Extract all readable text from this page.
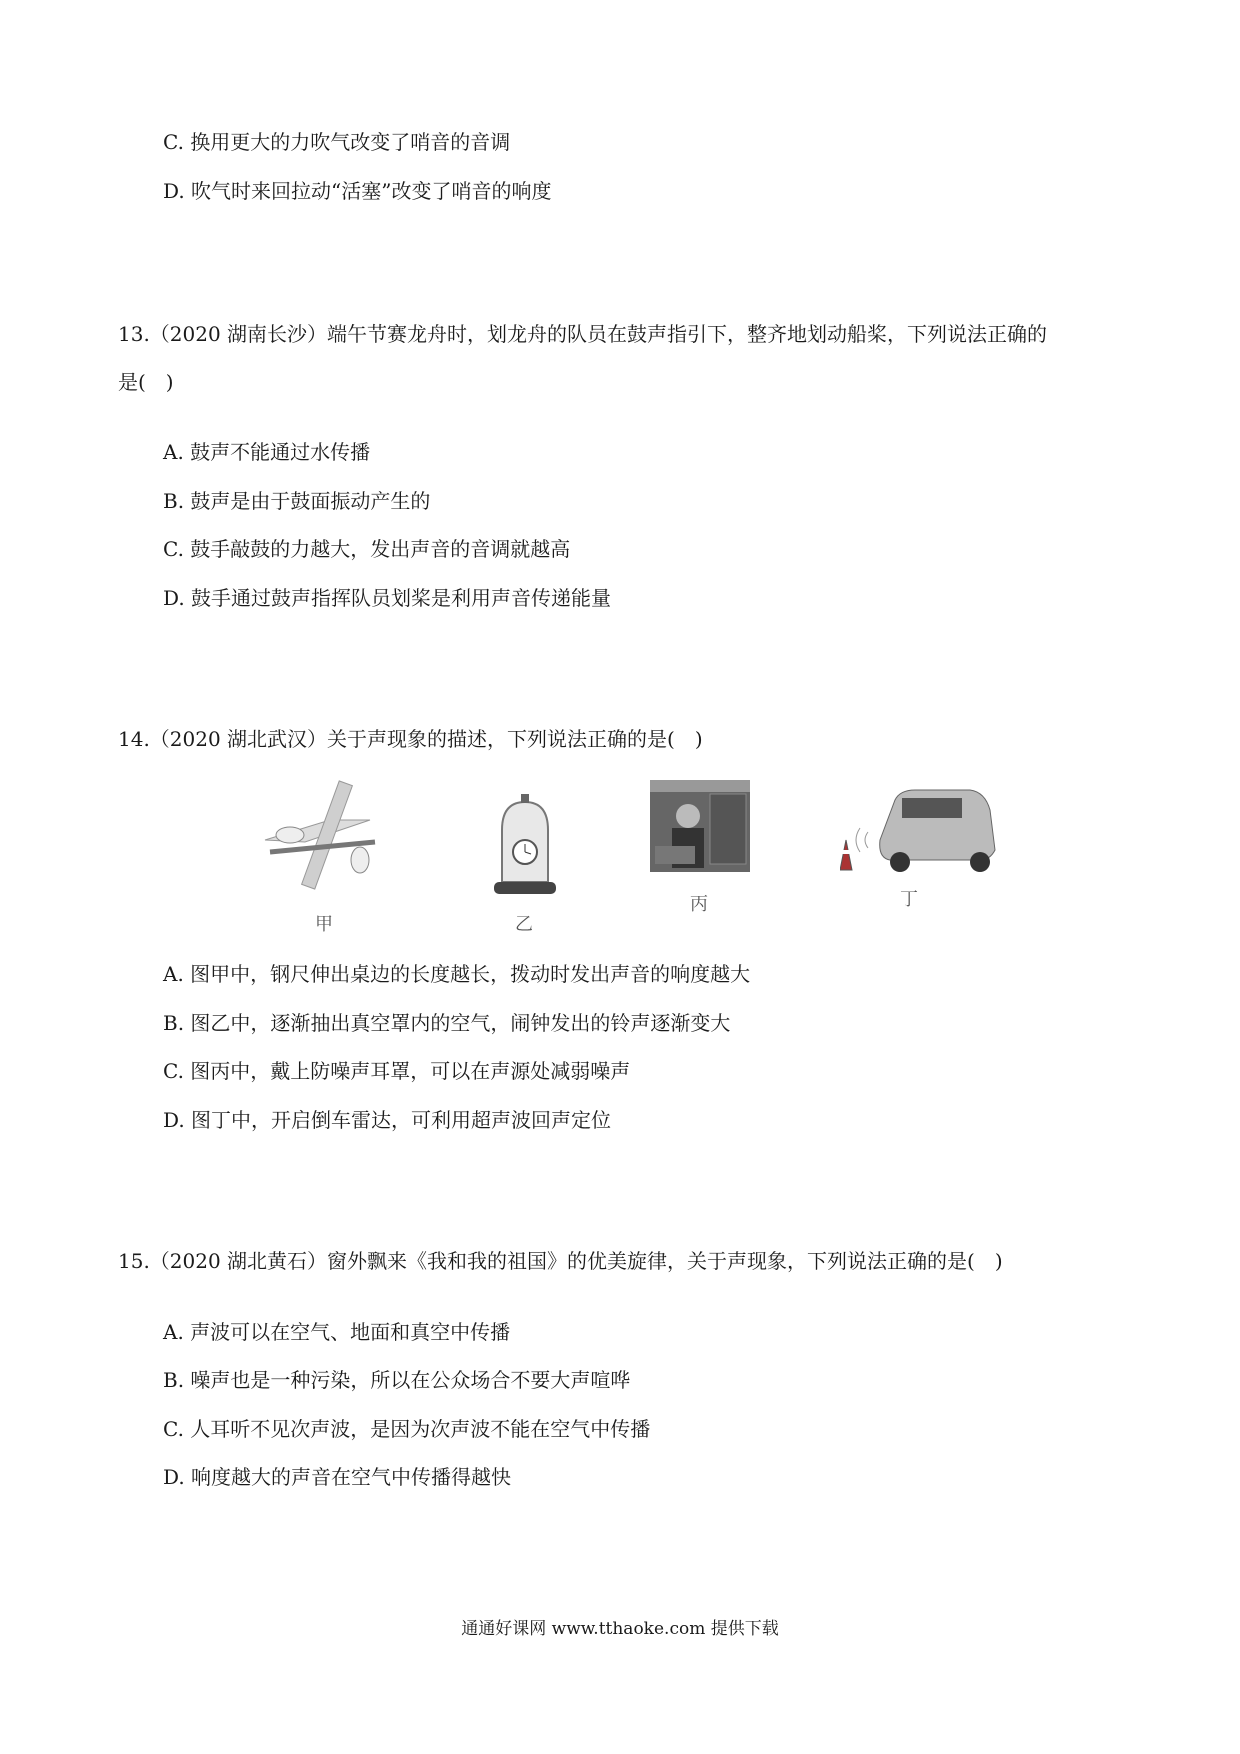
C. 换用更大的力吹气改变了哨音的音调
D. 吹气时来回拉动“活塞”改变了哨音的响度
13.（2020 湖南长沙）端午节赛龙舟时，划龙舟的队员在鼓声指引下，整齐地划动船桨，下列说法正确的
是(　)
A. 鼓声不能通过水传播
B. 鼓声是由于鼓面振动产生的
C. 鼓手敲鼓的力越大，发出声音的音调就越高
D. 鼓手通过鼓声指挥队员划桨是利用声音传递能量
14.（2020 湖北武汉）关于声现象的描述，下列说法正确的是(　)
甲	乙
丙	丁
A. 图甲中，钢尺伸出桌边的长度越长，拨动时发出声音的响度越大
B. 图乙中，逐渐抽出真空罩内的空气，闹钟发出的铃声逐渐变大
C. 图丙中，戴上防噪声耳罩，可以在声源处减弱噪声
D. 图丁中，开启倒车雷达，可利用超声波回声定位
15.（2020 湖北黄石）窗外飘来《我和我的祖国》的优美旋律，关于声现象，下列说法正确的是(　)
A. 声波可以在空气、地面和真空中传播
B. 噪声也是一种污染，所以在公众场合不要大声喧哗
C. 人耳听不见次声波，是因为次声波不能在空气中传播
D. 响度越大的声音在空气中传播得越快
通通好课网 www.tthaoke.com 提供下载
